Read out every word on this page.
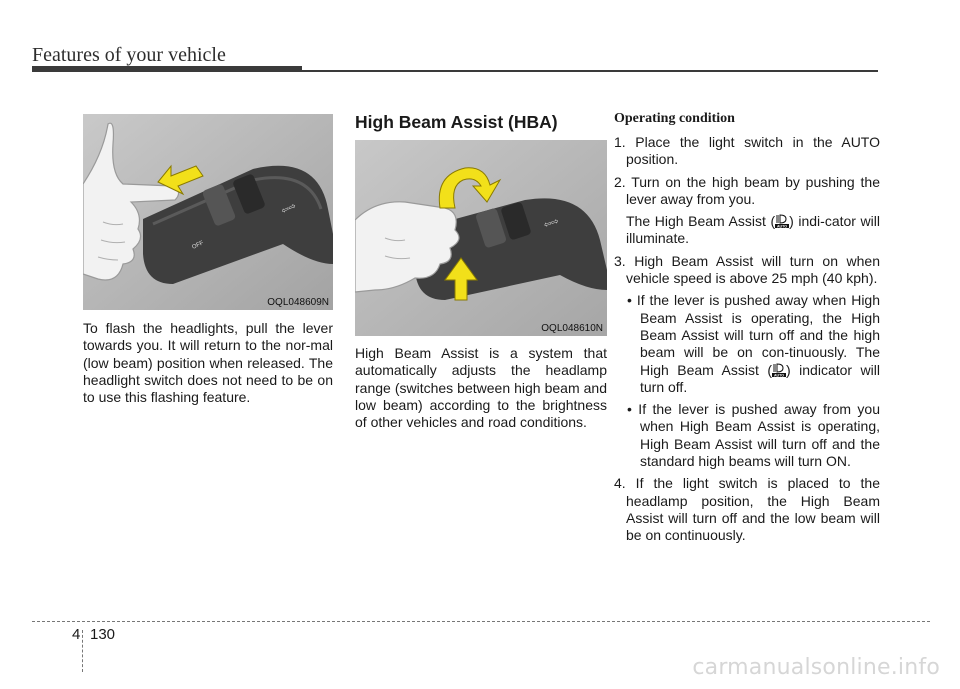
Features of your vehicle
⇦⇨
OFF
OQL048609N

To flash the headlights, pull the lever towards you. It will return to the nor-mal (low beam) position when released. The headlight switch does not need to be on to use this flashing feature.

High Beam Assist (HBA)
⇦⇨
OQL048610N

High Beam Assist is a system that automatically adjusts the headlamp range (switches between high beam and low beam) according to the brightness of other vehicles and road conditions.

Operating condition
1. Place the light switch in the AUTO position.
2. Turn on the high beam by pushing the lever away from you.
The High Beam Assist ( AUTO ) indi-cator will illuminate.
3. High Beam Assist will turn on when vehicle speed is above 25 mph (40 kph).
• If the lever is pushed away when High Beam Assist is operating, the High Beam Assist will turn off and the high beam will be on con-tinuously. The High Beam Assist ( AUTO ) indicator will turn off.
• If the lever is pushed away from you when High Beam Assist is operating, High Beam Assist will turn off and the standard high beams will turn ON.
4. If the light switch is placed to the headlamp position, the High Beam Assist will turn off and the low beam will be on continuously.
4 130
carmanualsonline.info
